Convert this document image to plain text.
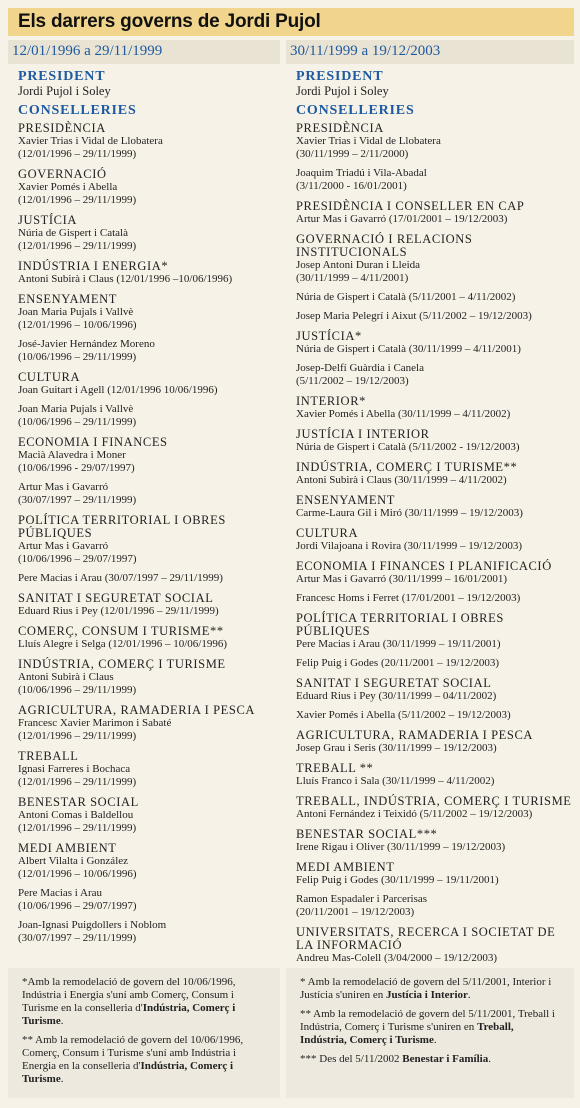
Els darrers governs de Jordi Pujol
12/01/1996 a 29/11/1999
PRESIDENT
Jordi Pujol i Soley
CONSELLERIES
PRESIDÈNCIA
Xavier Trias i Vidal de Llobatera
(12/01/1996 – 29/11/1999)
GOVERNACIÓ
Xavier Pomés i Abella
(12/01/1996 – 29/11/1999)
JUSTÍCIA
Núria de Gispert i Català
(12/01/1996 – 29/11/1999)
INDÚSTRIA I ENERGIA*
Antoni Subirà i Claus (12/01/1996 –10/06/1996)
ENSENYAMENT
Joan Maria Pujals i Vallvè
(12/01/1996 – 10/06/1996)
José-Javier Hernández Moreno
(10/06/1996 – 29/11/1999)
CULTURA
Joan Guitart i Agell (12/01/1996 10/06/1996)
Joan Maria Pujals i Vallvè
(10/06/1996 – 29/11/1999)
ECONOMIA I FINANCES
Macià Alavedra i Moner
(10/06/1996 - 29/07/1997)
Artur Mas i Gavarró
(30/07/1997 – 29/11/1999)
POLÍTICA TERRITORIAL I OBRES PÚBLIQUES
Artur Mas i Gavarró
(10/06/1996 – 29/07/1997)
Pere Macias i Arau (30/07/1997 – 29/11/1999)
SANITAT I SEGURETAT SOCIAL
Eduard Rius i Pey (12/01/1996 – 29/11/1999)
COMERÇ, CONSUM I TURISME**
Lluís Alegre i Selga (12/01/1996 – 10/06/1996)
INDÚSTRIA, COMERÇ I TURISME
Antoni Subirà i Claus
(10/06/1996 – 29/11/1999)
AGRICULTURA, RAMADERIA I PESCA
Francesc Xavier Marimon i Sabaté
(12/01/1996 – 29/11/1999)
TREBALL
Ignasi Farreres i Bochaca
(12/01/1996 – 29/11/1999)
BENESTAR SOCIAL
Antoni Comas i Baldellou
(12/01/1996 – 29/11/1999)
MEDI AMBIENT
Albert Vilalta i González
(12/01/1996 – 10/06/1996)
Pere Macias i Arau
(10/06/1996 – 29/07/1997)
Joan-Ignasi Puigdollers i Noblom
(30/07/1997 – 29/11/1999)
30/11/1999 a 19/12/2003
PRESIDENT
Jordi Pujol i Soley
CONSELLERIES
PRESIDÈNCIA
Xavier Trias i Vidal de Llobatera
(30/11/1999 – 2/11/2000)
Joaquim Triadú i Vila-Abadal
(3/11/2000 - 16/01/2001)
PRESIDÈNCIA I CONSELLER EN CAP
Artur Mas i Gavarró (17/01/2001 – 19/12/2003)
GOVERNACIÓ I RELACIONS INSTITUCIONALS
Josep Antoni Duran i Lleida
(30/11/1999 – 4/11/2001)
Núria de Gispert i Català (5/11/2001 – 4/11/2002)
Josep Maria Pelegrí i Aixut (5/11/2002 – 19/12/2003)
JUSTÍCIA*
Núria de Gispert i Català (30/11/1999 – 4/11/2001)
Josep-Delfí Guàrdia i Canela
(5/11/2002 – 19/12/2003)
INTERIOR*
Xavier Pomés i Abella (30/11/1999 – 4/11/2002)
JUSTÍCIA I INTERIOR
Núria de Gispert i Català (5/11/2002 - 19/12/2003)
INDÚSTRIA, COMERÇ I TURISME**
Antoni Subirà i Claus (30/11/1999 – 4/11/2002)
ENSENYAMENT
Carme-Laura Gil i Miró (30/11/1999 – 19/12/2003)
CULTURA
Jordi Vilajoana i Rovira (30/11/1999 – 19/12/2003)
ECONOMIA I FINANCES I PLANIFICACIÓ
Artur Mas i Gavarró (30/11/1999 – 16/01/2001)
Francesc Homs i Ferret (17/01/2001 – 19/12/2003)
POLÍTICA TERRITORIAL I OBRES PÚBLIQUES
Pere Macias i Arau (30/11/1999 – 19/11/2001)
Felip Puig i Godes (20/11/2001 – 19/12/2003)
SANITAT I SEGURETAT SOCIAL
Eduard Rius i Pey (30/11/1999 – 04/11/2002)
Xavier Pomés i Abella (5/11/2002 – 19/12/2003)
AGRICULTURA, RAMADERIA I PESCA
Josep Grau i Seris (30/11/1999 – 19/12/2003)
TREBALL **
Lluís Franco i Sala (30/11/1999 – 4/11/2002)
TREBALL, INDÚSTRIA, COMERÇ I TURISME
Antoni Fernández i Teixidó (5/11/2002 – 19/12/2003)
BENESTAR SOCIAL***
Irene Rigau i Oliver (30/11/1999 – 19/12/2003)
MEDI AMBIENT
Felip Puig i Godes (30/11/1999 – 19/11/2001)
Ramon Espadaler i Parcerisas
(20/11/2001 – 19/12/2003)
UNIVERSITATS, RECERCA I SOCIETAT DE LA INFORMACIÓ
Andreu Mas-Colell (3/04/2000 – 19/12/2003)

*Amb la remodelació de govern del 10/06/1996, Indústria i Energia s'uní amb Comerç, Consum i Turisme en la conselleria d'Indústria, Comerç i Turisme.

** Amb la remodelació de govern del 10/06/1996, Comerç, Consum i Turisme s'uní amb Indústria i Energia en la conselleria d'Indústria, Comerç i Turisme.

* Amb la remodelació de govern del 5/11/2001, Interior i Justícia s'uniren en Justícia i Interior.

** Amb la remodelació de govern del 5/11/2001, Treball i Indústria, Comerç i Turisme s'uniren en Treball, Indústria, Comerç i Turisme.

*** Des del 5/11/2002 Benestar i Família.
